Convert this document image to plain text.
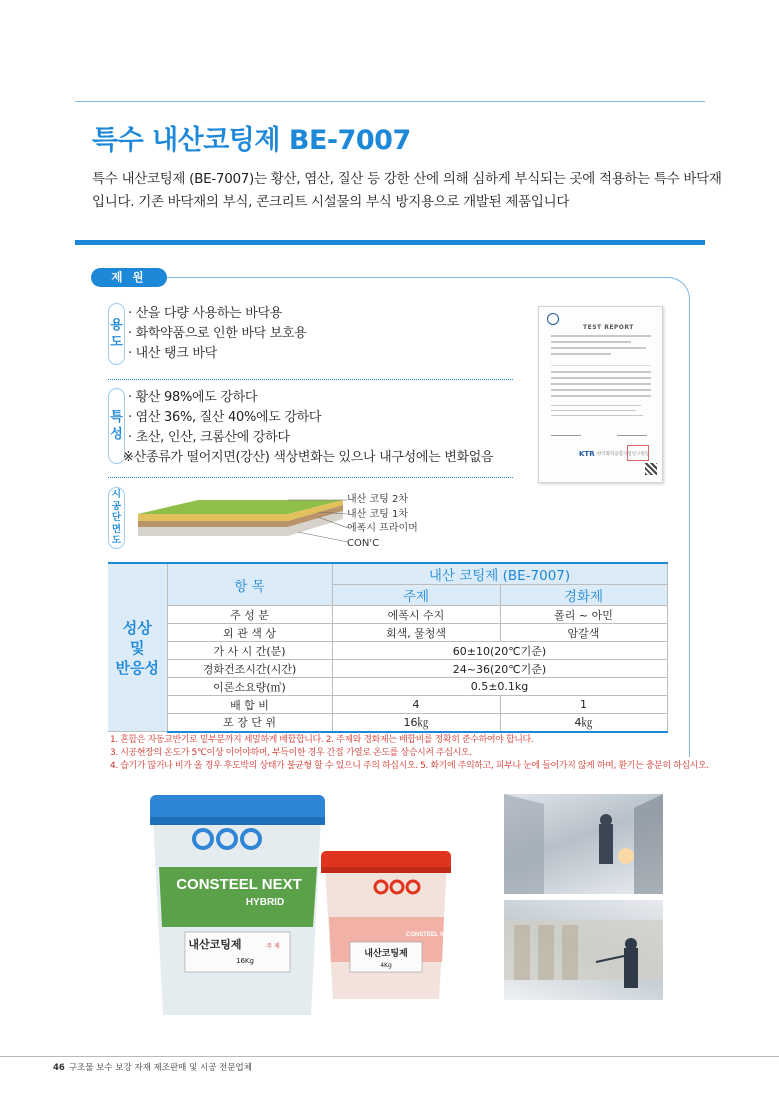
특수 내산코팅제 BE-7007
특수 내산코팅제 (BE-7007)는 황산, 염산, 질산 등 강한 산에 의해 심하게 부식되는 곳에 적용하는 특수 바닥재
입니다. 기존 바닥재의 부식, 콘크리트 시설물의 부식 방지용으로 개발된 제품입니다
제 원
용
도
· 산을 다량 사용하는 바닥용
· 화학약품으로 인한 바닥 보호용
· 내산 탱크 바닥
특
성
· 황산 98%에도 강하다
· 염산 36%, 질산 40%에도 강하다
· 초산, 인산, 크롬산에 강하다
※산종류가 떨어지면(강산) 색상변화는 있으나 내구성에는 변화없음
TEST REPORT
KTR 한국화학융합시험연구원장
시
공
단
면
도
내산 코팅 2차
내산 코팅 1차
에폭시 프라이머
CON'C
성상
및
반응성	항 목	내산 코팅제 (BE-7007)	
		주제	경화제
	주 성 분	에폭시 수지	폴리 ~ 아민
	외 관 색 상	회색, 물청색	암갈색
	가 사 시 간(분)	60±10(20℃기준)	
	경화건조시간(시간)	24~36(20℃기준)	
	이론소요량(㎡)	0.5±0.1kg	
	배 합 비	4	1
	포 장 단 위	16㎏	4㎏
1. 혼합은 자동교반기로 밑부분까지 세밀하게 배합합니다. 2. 주제와 경화제는 배합비를 정확히 준수하여야 합니다.
3. 시공현장의 온도가 5℃이상 이어야하며, 부득이한 경우 간접 가열로 온도를 상승시켜 주십시오.
4. 습기가 많거나 비가 올 경우 후도박의 상태가 불균형 할 수 있으니 주의 하십시오. 5. 화기에 주의하고, 피부나 눈에 들어가지 않게 하며, 환기는 충분히 하십시오.
CONSTEEL NEXT
HYBRID
내산코팅제	주 제
16Kg
CONSTEEL NEXT
내산코팅제
4Kg
46 구조물 보수 보강 자재 제조판매 및 시공 전문업체
